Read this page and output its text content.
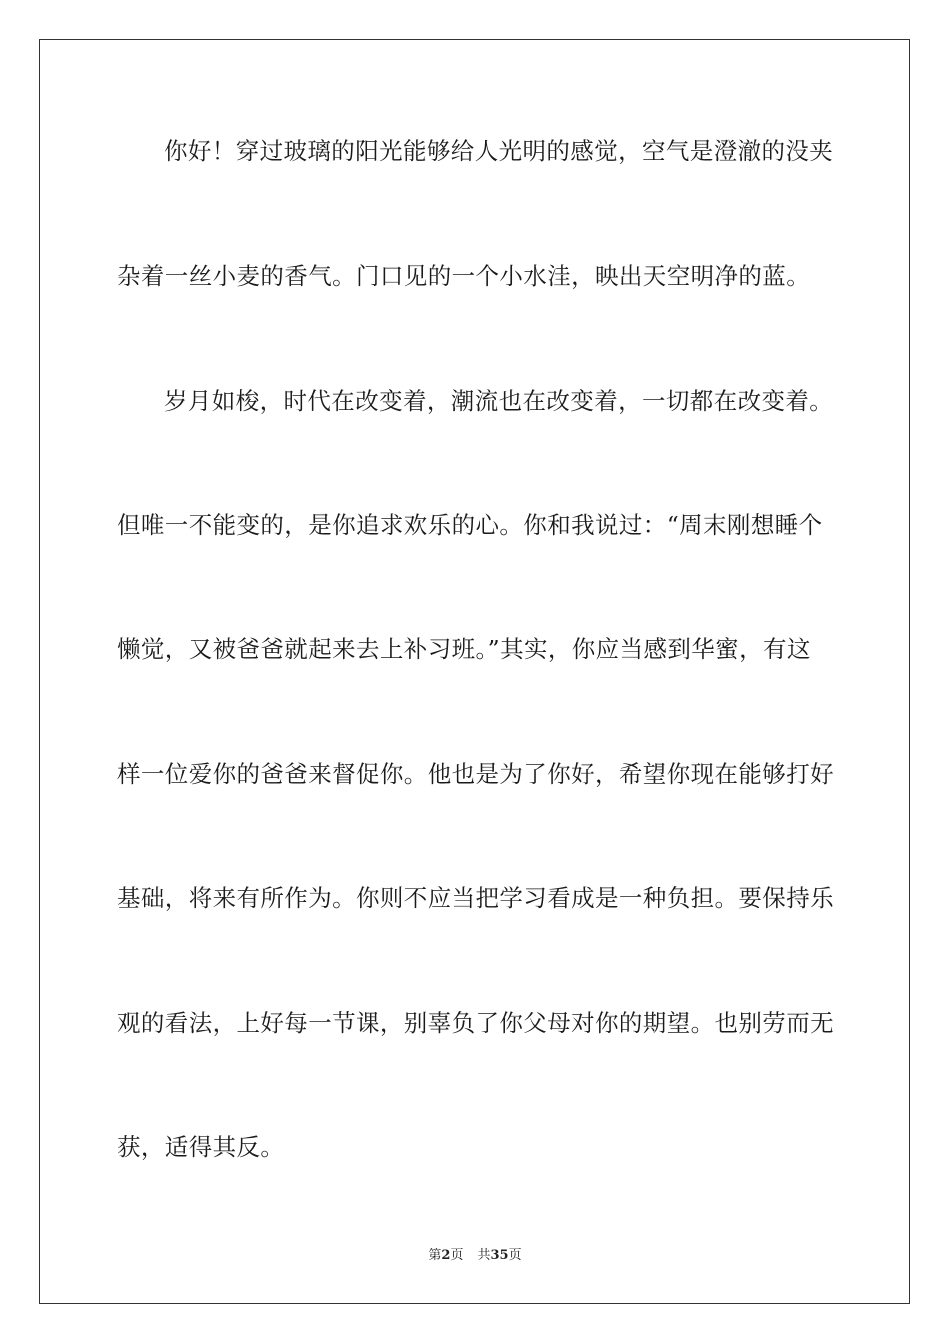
你好！穿过玻璃的阳光能够给人光明的感觉，空气是澄澈的没夹
杂着一丝小麦的香气。门口见的一个小水洼，映出天空明净的蓝。
岁月如梭，时代在改变着，潮流也在改变着，一切都在改变着。
但唯一不能变的，是你追求欢乐的心。你和我说过：“周末刚想睡个
懒觉，又被爸爸就起来去上补习班。”其实，你应当感到华蜜，有这
样一位爱你的爸爸来督促你。他也是为了你好，希望你现在能够打好
基础，将来有所作为。你则不应当把学习看成是一种负担。要保持乐
观的看法，上好每一节课，别辜负了你父母对你的期望。也别劳而无
获，适得其反。
第2页 共35页
